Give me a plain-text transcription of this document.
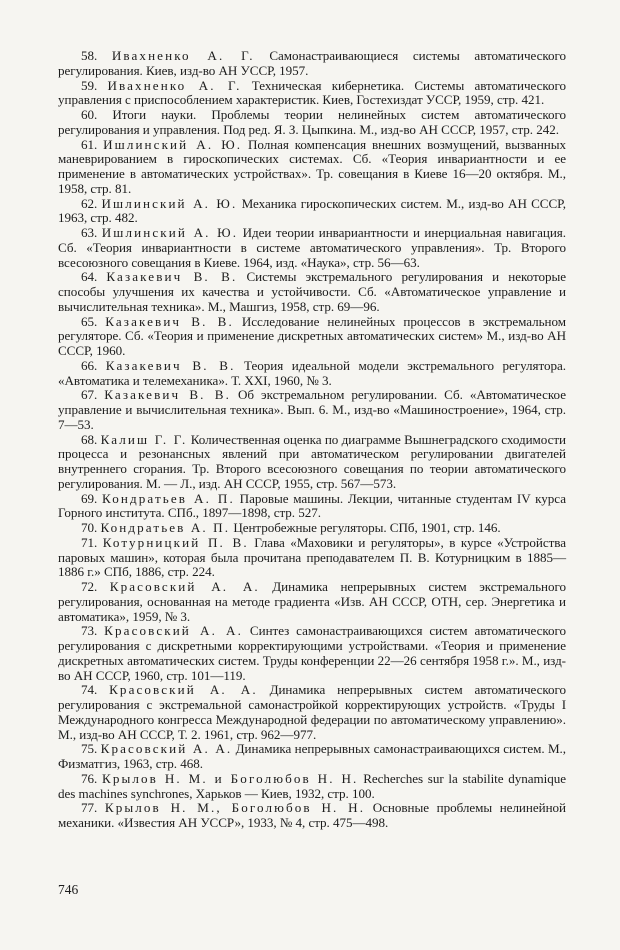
58. Ивахненко А. Г. Самонастраивающиеся системы автоматического регулирования. Киев, изд-во АН УССР, 1957.

59. Ивахненко А. Г. Техническая кибернетика. Системы автоматического управления с приспособлением характеристик. Киев, Гостехиздат УССР, 1959, стр. 421.

60. Итоги науки. Проблемы теории нелинейных систем автоматического регулирования и управления. Под ред. Я. З. Цыпкина. М., изд-во АН СССР, 1957, стр. 242.

61. Ишлинский А. Ю. Полная компенсация внешних возмущений, вызванных маневрированием в гироскопических системах. Сб. «Теория инвариантности и ее применение в автоматических устройствах». Тр. совещания в Киеве 16—20 октября. М., 1958, стр. 81.

62. Ишлинский А. Ю. Механика гироскопических систем. М., изд-во АН СССР, 1963, стр. 482.

63. Ишлинский А. Ю. Идеи теории инвариантности и инерциальная навигация. Сб. «Теория инвариантности в системе автоматического управления». Тр. Второго всесоюзного совещания в Киеве. 1964, изд. «Наука», стр. 56—63.

64. Казакевич В. В. Системы экстремального регулирования и некоторые способы улучшения их качества и устойчивости. Сб. «Автоматическое управление и вычислительная техника». М., Машгиз, 1958, стр. 69—96.

65. Казакевич В. В. Исследование нелинейных процессов в экстремальном регуляторе. Сб. «Теория и применение дискретных автоматических систем» М., изд-во АН СССР, 1960.

66. Казакевич В. В. Теория идеальной модели экстремального регулятора. «Автоматика и телемеханика». Т. XXI, 1960, № 3.

67. Казакевич В. В. Об экстремальном регулировании. Сб. «Автоматическое управление и вычислительная техника». Вып. 6. М., изд-во «Машиностроение», 1964, стр. 7—53.

68. Калиш Г. Г. Количественная оценка по диаграмме Вышнеградского сходимости процесса и резонансных явлений при автоматическом регулировании двигателей внутреннего сгорания. Тр. Второго всесоюзного совещания по теории автоматического регулирования. М. — Л., изд. АН СССР, 1955, стр. 567—573.

69. Кондратьев А. П. Паровые машины. Лекции, читанные студентам IV курса Горного института. СПб., 1897—1898, стр. 527.

70. Кондратьев А. П. Центробежные регуляторы. СПб, 1901, стр. 146.

71. Котурницкий П. В. Глава «Маховики и регуляторы», в курсе «Устройства паровых машин», которая была прочитана преподавателем П. В. Котурницким в 1885—1886 г.» СПб, 1886, стр. 224.

72. Красовский А. А. Динамика непрерывных систем экстремального регулирования, основанная на методе градиента «Изв. АН СССР, ОТН, сер. Энергетика и автоматика», 1959, № 3.

73. Красовский А. А. Синтез самонастраивающихся систем автоматического регулирования с дискретными корректирующими устройствами. «Теория и применение дискретных автоматических систем. Труды конференции 22—26 сентября 1958 г.». М., изд-во АН СССР, 1960, стр. 101—119.

74. Красовский А. А. Динамика непрерывных систем автоматического регулирования с экстремальной самонастройкой корректирующих устройств. «Труды I Международного конгресса Международной федерации по автоматическому управлению». М., изд-во АН СССР, Т. 2. 1961, стр. 962—977.

75. Красовский А. А. Динамика непрерывных самонастраивающихся систем. М., Физматгиз, 1963, стр. 468.

76. Крылов Н. М. и Боголюбов Н. Н. Recherches sur la stabilite dynamique des machines synchrones, Харьков — Киев, 1932, стр. 100.

77. Крылов Н. М., Боголюбов Н. Н. Основные проблемы нелинейной механики. «Известия АН УССР», 1933, № 4, стр. 475—498.

746
